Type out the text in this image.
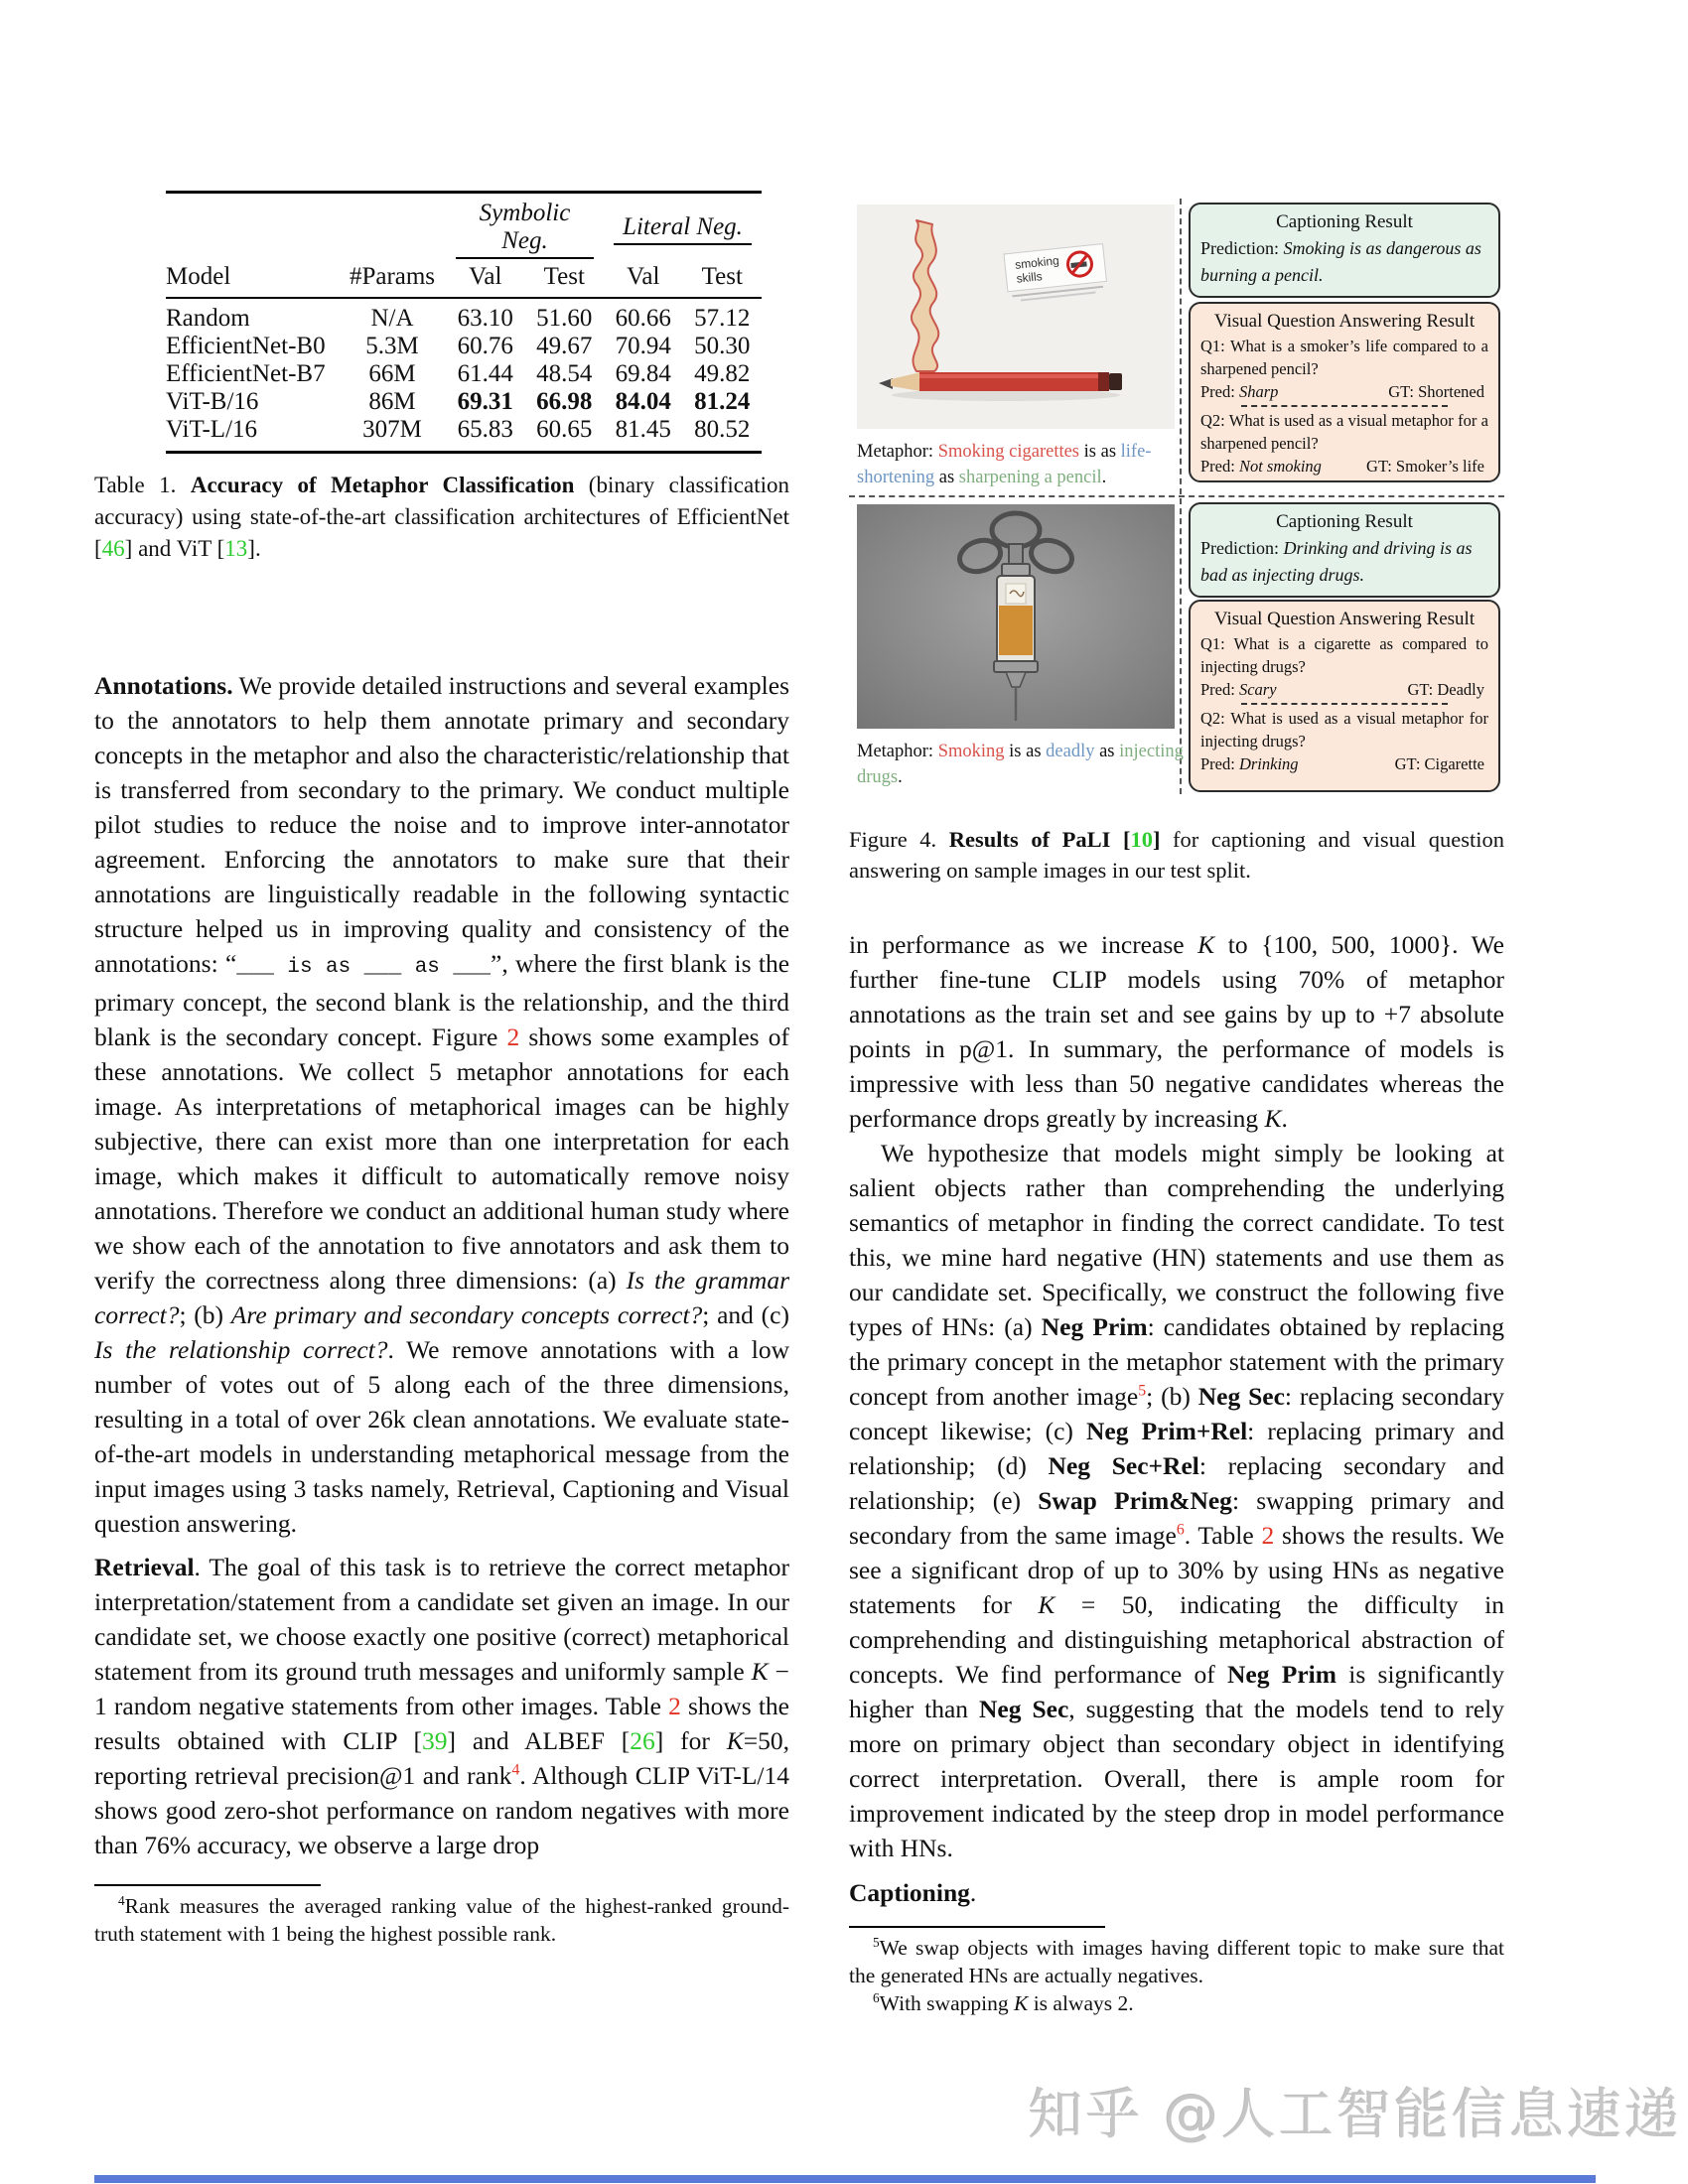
		Symbolic Neg.		Literal Neg.	

Model	#Params	Val	Test	Val	Test
Random	N/A	63.10	51.60	60.66	57.12
EfficientNet-B0	5.3M	60.76	49.67	70.94	50.30
EfficientNet-B7	66M	61.44	48.54	69.84	49.82
ViT-B/16	86M	69.31	66.98	84.04	81.24
ViT-L/16	307M	65.83	60.65	81.45	80.52
Table 1. Accuracy of Metaphor Classification (binary classification accuracy) using state-of-the-art classification architectures of EfficientNet [46] and ViT [13].
Annotations. We provide detailed instructions and several examples to the annotators to help them annotate primary and secondary concepts in the metaphor and also the characteristic/relationship that is transferred from secondary to the primary. We conduct multiple pilot studies to reduce the noise and to improve inter-annotator agreement. Enforcing the annotators to make sure that their annotations are linguistically readable in the following syntactic structure helped us in improving quality and consistency of the annotations: “___ is as ___ as ___”, where the first blank is the primary concept, the second blank is the relationship, and the third blank is the secondary concept. Figure 2 shows some examples of these annotations. We collect 5 metaphor annotations for each image. As interpretations of metaphorical images can be highly subjective, there can exist more than one interpretation for each image, which makes it difficult to automatically remove noisy annotations. Therefore we conduct an additional human study where we show each of the annotation to five annotators and ask them to verify the correctness along three dimensions: (a) Is the grammar correct?; (b) Are primary and secondary concepts correct?; and (c) Is the relationship correct?. We remove annotations with a low number of votes out of 5 along each of the three dimensions, resulting in a total of over 26k clean annotations. We evaluate state-of-the-art models in understanding metaphorical message from the input images using 3 tasks namely, Retrieval, Captioning and Visual question answering.
Retrieval. The goal of this task is to retrieve the correct metaphor interpretation/statement from a candidate set given an image. In our candidate set, we choose exactly one positive (correct) metaphorical statement from its ground truth messages and uniformly sample K − 1 random negative statements from other images. Table 2 shows the results obtained with CLIP [39] and ALBEF [26] for K=50, reporting retrieval precision@1 and rank$^4$. Although CLIP ViT-L/14 shows good zero-shot performance on random negatives with more than 76% accuracy, we observe a large drop
$^4$Rank measures the averaged ranking value of the highest-ranked ground-truth statement with 1 being the highest possible rank.
smoking
skills
Metaphor: Smoking cigarettes is as life-shortening as sharpening a pencil.
Captioning Result
Prediction: Smoking is as dangerous as burning a pencil.
Visual Question Answering Result
Q1: What is a smoker’s life compared to a sharpened pencil?
Pred: Sharp	GT: Shortened
Q2: What is used as a visual metaphor for a sharpened pencil?
Pred: Not smoking	GT: Smoker’s life
Metaphor: Smoking is as deadly as injecting drugs.
Captioning Result
Prediction: Drinking and driving is as bad as injecting drugs.
Visual Question Answering Result
Q1: What is a cigarette as compared to injecting drugs?
Pred: Scary	GT: Deadly
Q2: What is used as a visual metaphor for injecting drugs?
Pred: Drinking	GT: Cigarette
Figure 4. Results of PaLI [10] for captioning and visual question answering on sample images in our test split.
in performance as we increase K to {100, 500, 1000}. We further fine-tune CLIP models using 70% of metaphor annotations as the train set and see gains by up to +7 absolute points in p@1. In summary, the performance of models is impressive with less than 50 negative candidates whereas the performance drops greatly by increasing K.
We hypothesize that models might simply be looking at salient objects rather than comprehending the underlying semantics of metaphor in finding the correct candidate. To test this, we mine hard negative (HN) statements and use them as our candidate set. Specifically, we construct the following five types of HNs: (a) Neg Prim: candidates obtained by replacing the primary concept in the metaphor statement with the primary concept from another image$^5$; (b) Neg Sec: replacing secondary concept likewise; (c) Neg Prim+Rel: replacing primary and relationship; (d) Neg Sec+Rel: replacing secondary and relationship; (e) Swap Prim&Neg: swapping primary and secondary from the same image$^6$. Table 2 shows the results. We see a significant drop of up to 30% by using HNs as negative statements for K = 50, indicating the difficulty in comprehending and distinguishing metaphorical abstraction of concepts. We find performance of Neg Prim is significantly higher than Neg Sec, suggesting that the models tend to rely more on primary object than secondary object in identifying correct interpretation. Overall, there is ample room for improvement indicated by the steep drop in model performance with HNs.
Captioning.
$^5$We swap objects with images having different topic to make sure that the generated HNs are actually negatives.
$^6$With swapping K is always 2.
知乎 @人工智能信息速递
